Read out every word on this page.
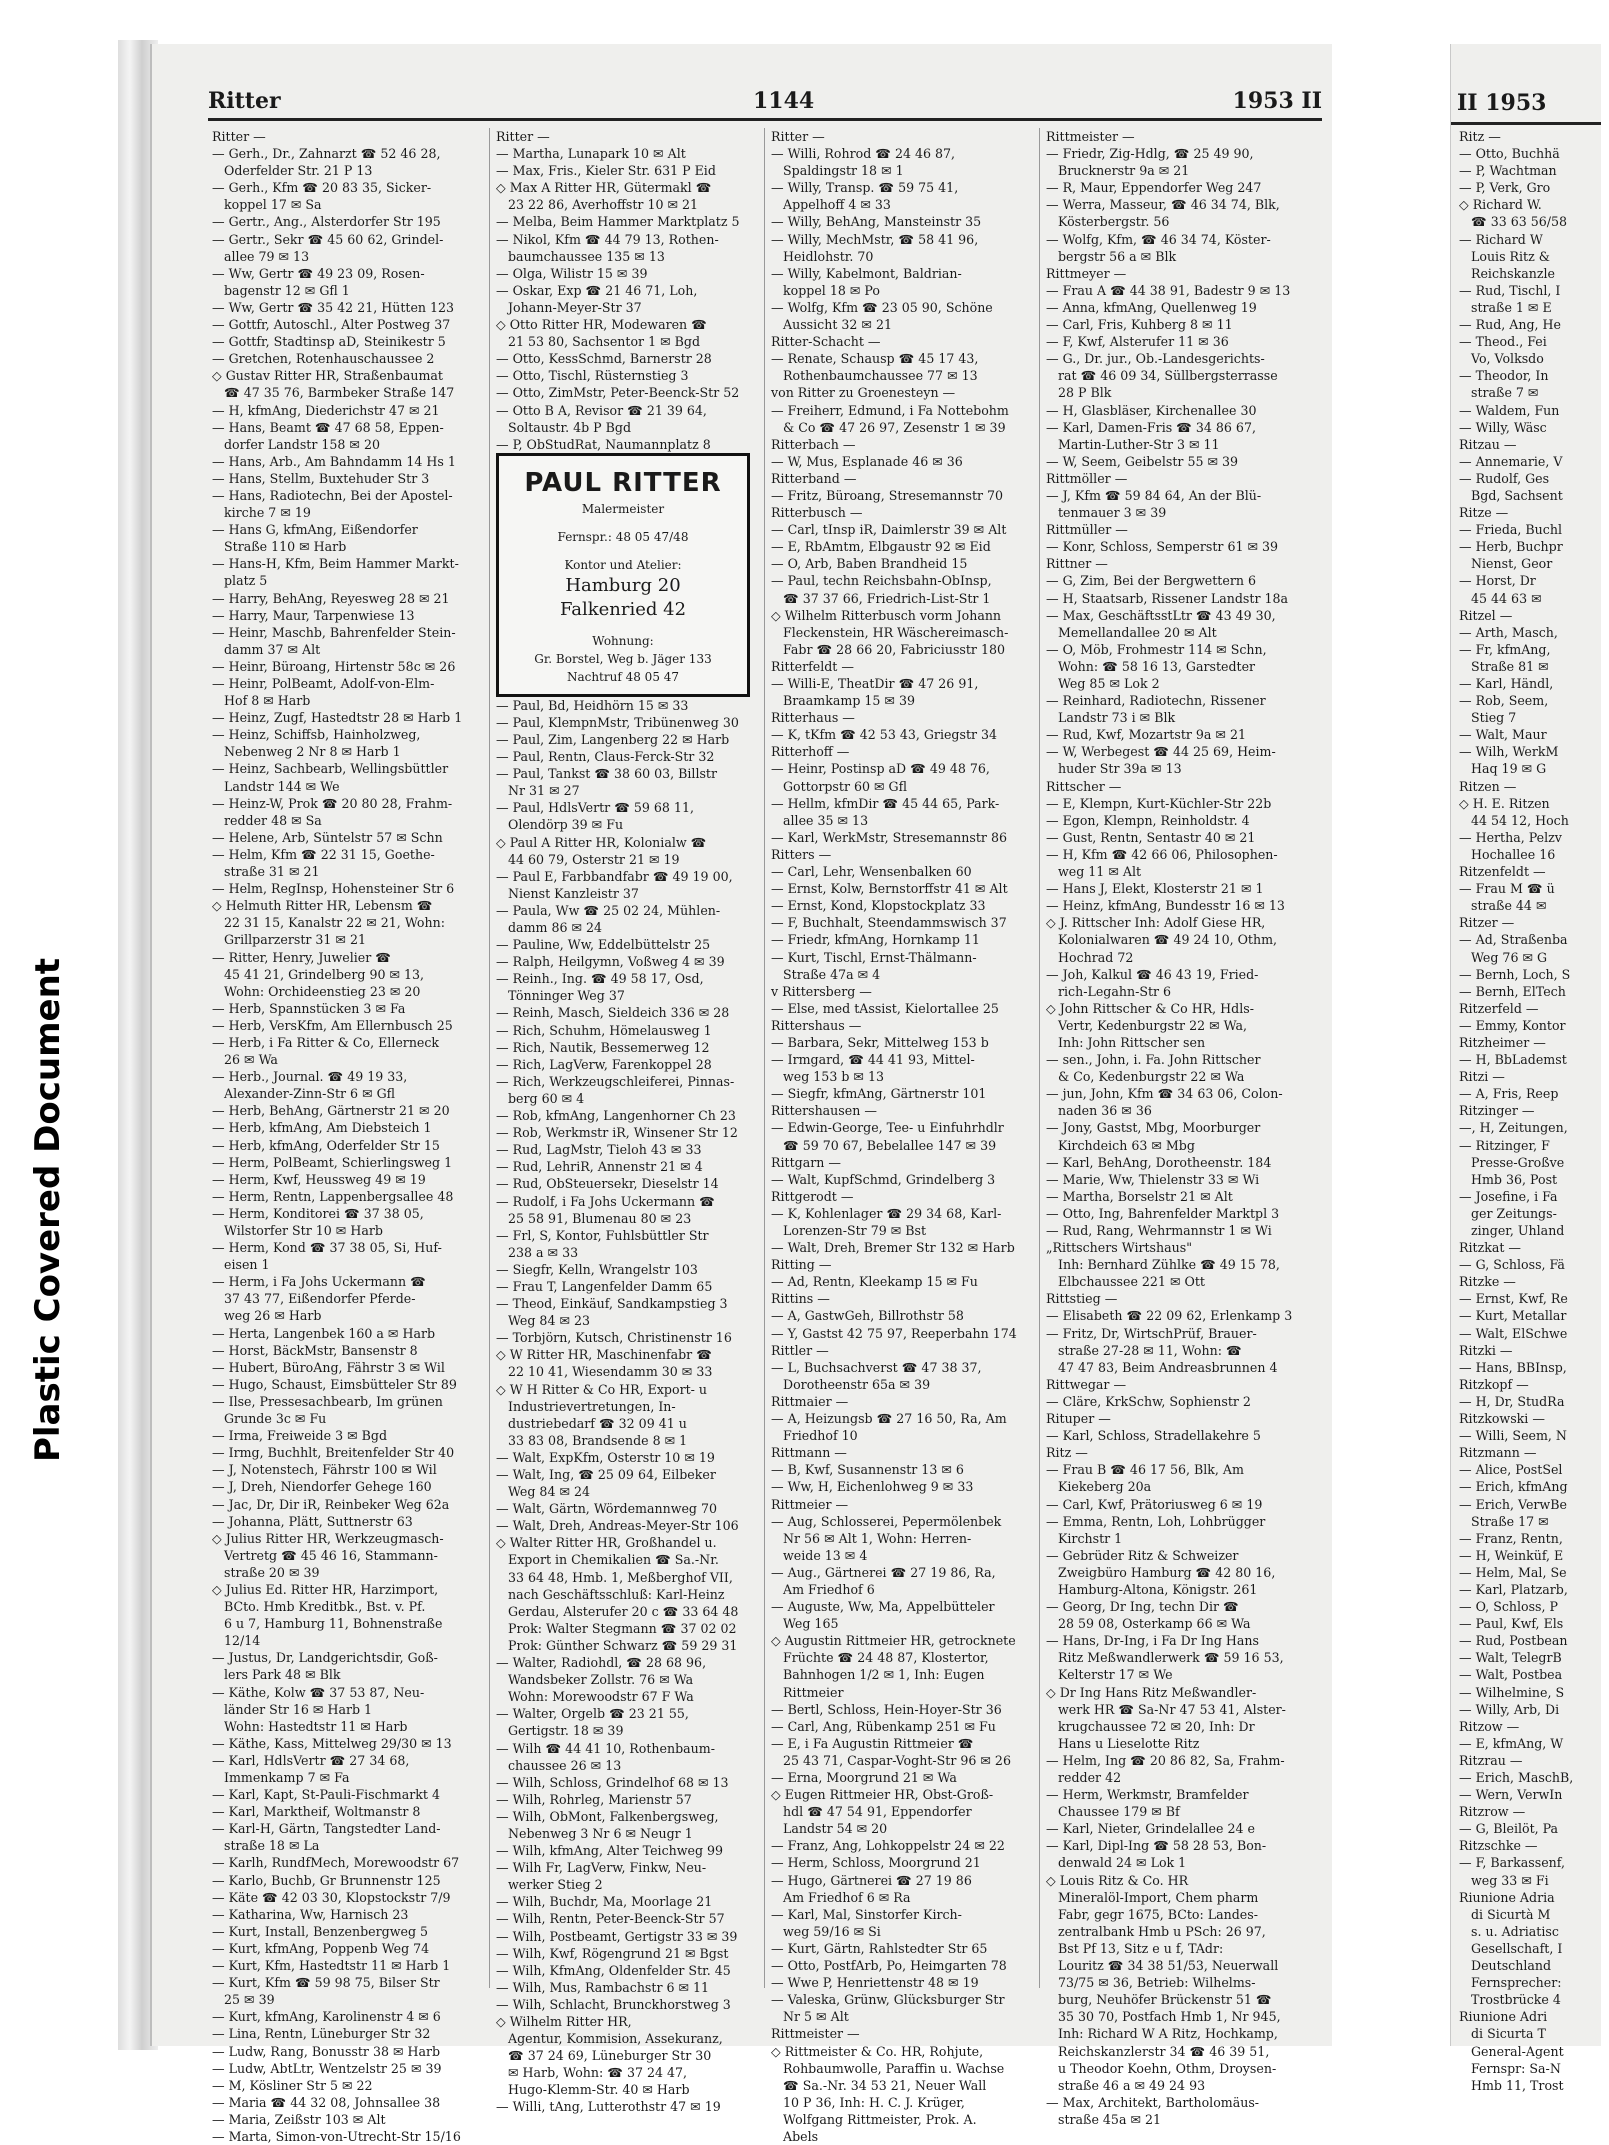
Plastic Covered Document
Ritter	1144	1953 II

Ritter —

— Gerh., Dr., Zahnarzt ☎ 52 46 28,

Oderfelder Str. 21 P 13

— Gerh., Kfm ☎ 20 83 35, Sicker-

koppel 17 ✉ Sa

— Gertr., Ang., Alsterdorfer Str 195

— Gertr., Sekr ☎ 45 60 62, Grindel-

allee 79 ✉ 13

— Ww, Gertr ☎ 49 23 09, Rosen-

bagenstr 12 ✉ Gfl 1

— Ww, Gertr ☎ 35 42 21, Hütten 123

— Gottfr, Autoschl., Alter Postweg 37

— Gottfr, Stadtinsp aD, Steinikestr 5

— Gretchen, Rotenhauschaussee 2

◇ Gustav Ritter HR, Straßenbaumat

☎ 47 35 76, Barmbeker Straße 147

— H, kfmAng, Diederichstr 47 ✉ 21

— Hans, Beamt ☎ 47 68 58, Eppen-

dorfer Landstr 158 ✉ 20

— Hans, Arb., Am Bahndamm 14 Hs 1

— Hans, Stellm, Buxtehuder Str 3

— Hans, Radiotechn, Bei der Apostel-

kirche 7 ✉ 19

— Hans G, kfmAng, Eißendorfer

Straße 110 ✉ Harb

— Hans-H, Kfm, Beim Hammer Markt-

platz 5

— Harry, BehAng, Reyesweg 28 ✉ 21

— Harry, Maur, Tarpenwiese 13

— Heinr, Maschb, Bahrenfelder Stein-

damm 37 ✉ Alt

— Heinr, Büroang, Hirtenstr 58c ✉ 26

— Heinr, PolBeamt, Adolf-von-Elm-

Hof 8 ✉ Harb

— Heinz, Zugf, Hastedtstr 28 ✉ Harb 1

— Heinz, Schiffsb, Hainholzweg,

Nebenweg 2 Nr 8 ✉ Harb 1

— Heinz, Sachbearb, Wellingsbüttler

Landstr 144 ✉ We

— Heinz-W, Prok ☎ 20 80 28, Frahm-

redder 48 ✉ Sa

— Helene, Arb, Süntelstr 57 ✉ Schn

— Helm, Kfm ☎ 22 31 15, Goethe-

straße 31 ✉ 21

— Helm, RegInsp, Hohensteiner Str 6

◇ Helmuth Ritter HR, Lebensm ☎

22 31 15, Kanalstr 22 ✉ 21, Wohn:

Grillparzerstr 31 ✉ 21

— Ritter, Henry, Juwelier ☎

45 41 21, Grindelberg 90 ✉ 13,

Wohn: Orchideenstieg 23 ✉ 20

— Herb, Spannstücken 3 ✉ Fa

— Herb, VersKfm, Am Ellernbusch 25

— Herb, i Fa Ritter & Co, Ellerneck

26 ✉ Wa

— Herb., Journal. ☎ 49 19 33,

Alexander-Zinn-Str 6 ✉ Gfl

— Herb, BehAng, Gärtnerstr 21 ✉ 20

— Herb, kfmAng, Am Diebsteich 1

— Herb, kfmAng, Oderfelder Str 15

— Herm, PolBeamt, Schierlingsweg 1

— Herm, Kwf, Heussweg 49 ✉ 19

— Herm, Rentn, Lappenbergsallee 48

— Herm, Konditorei ☎ 37 38 05,

Wilstorfer Str 10 ✉ Harb

— Herm, Kond ☎ 37 38 05, Si, Huf-

eisen 1

— Herm, i Fa Johs Uckermann ☎

37 43 77, Eißendorfer Pferde-

weg 26 ✉ Harb

— Herta, Langenbek 160 a ✉ Harb

— Horst, BäckMstr, Bansenstr 8

— Hubert, BüroAng, Fährstr 3 ✉ Wil

— Hugo, Schaust, Eimsbütteler Str 89

— Ilse, Pressesachbearb, Im grünen

Grunde 3c ✉ Fu

— Irma, Freiweide 3 ✉ Bgd

— Irmg, Buchhlt, Breitenfelder Str 40

— J, Notenstech, Fährstr 100 ✉ Wil

— J, Dreh, Niendorfer Gehege 160

— Jac, Dr, Dir iR, Reinbeker Weg 62a

— Johanna, Plätt, Suttnerstr 63

◇ Julius Ritter HR, Werkzeugmasch-

Vertretg ☎ 45 46 16, Stammann-

straße 20 ✉ 39

◇ Julius Ed. Ritter HR, Harzimport,

BCto. Hmb Kreditbk., Bst. v. Pf.

6 u 7, Hamburg 11, Bohnenstraße

12/14

— Justus, Dr, Landgerichtsdir, Goß-

lers Park 48 ✉ Blk

— Käthe, Kolw ☎ 37 53 87, Neu-

länder Str 16 ✉ Harb 1

Wohn: Hastedtstr 11 ✉ Harb

— Käthe, Kass, Mittelweg 29/30 ✉ 13

— Karl, HdlsVertr ☎ 27 34 68,

Immenkamp 7 ✉ Fa

— Karl, Kapt, St-Pauli-Fischmarkt 4

— Karl, Marktheif, Woltmanstr 8

— Karl-H, Gärtn, Tangstedter Land-

straße 18 ✉ La

— Karlh, RundfMech, Morewoodstr 67

— Karlo, Buchb, Gr Brunnenstr 125

— Käte ☎ 42 03 30, Klopstockstr 7/9

— Katharina, Ww, Harnisch 23

— Kurt, Install, Benzenbergweg 5

— Kurt, kfmAng, Poppenb Weg 74

— Kurt, Kfm, Hastedtstr 11 ✉ Harb 1

— Kurt, Kfm ☎ 59 98 75, Bilser Str

25 ✉ 39

— Kurt, kfmAng, Karolinenstr 4 ✉ 6

— Lina, Rentn, Lüneburger Str 32

— Ludw, Rang, Bonusstr 38 ✉ Harb

— Ludw, AbtLtr, Wentzelstr 25 ✉ 39

— M, Kösliner Str 5 ✉ 22

— Maria ☎ 44 32 08, Johnsallee 38

— Maria, Zeißstr 103 ✉ Alt

— Marta, Simon-von-Utrecht-Str 15/16

Ritter —

— Martha, Lunapark 10 ✉ Alt

— Max, Fris., Kieler Str. 631 P Eid

◇ Max A Ritter HR, Gütermakl ☎

23 22 86, Averhoffstr 10 ✉ 21

— Melba, Beim Hammer Marktplatz 5

— Nikol, Kfm ☎ 44 79 13, Rothen-

baumchaussee 135 ✉ 13

— Olga, Wilistr 15 ✉ 39

— Oskar, Exp ☎ 21 46 71, Loh,

Johann-Meyer-Str 37

◇ Otto Ritter HR, Modewaren ☎

21 53 80, Sachsentor 1 ✉ Bgd

— Otto, KessSchmd, Barnerstr 28

— Otto, Tischl, Rüsternstieg 3

— Otto, ZimMstr, Peter-Beenck-Str 52

— Otto B A, Revisor ☎ 21 39 64,

Soltaustr. 4b P Bgd

— P, ObStudRat, Naumannplatz 8

PAUL RITTER
Malermeister
Fernspr.: 48 05 47/48
Kontor und Atelier:
Hamburg 20
Falkenried 42
Wohnung:
Gr. Borstel, Weg b. Jäger 133
Nachtruf 48 05 47

— Paul, Bd, Heidhörn 15 ✉ 33

— Paul, KlempnMstr, Tribünenweg 30

— Paul, Zim, Langenberg 22 ✉ Harb

— Paul, Rentn, Claus-Ferck-Str 32

— Paul, Tankst ☎ 38 60 03, Billstr

Nr 31 ✉ 27

— Paul, HdlsVertr ☎ 59 68 11,

Olendörp 39 ✉ Fu

◇ Paul A Ritter HR, Kolonialw ☎

44 60 79, Osterstr 21 ✉ 19

— Paul E, Farbbandfabr ☎ 49 19 00,

Nienst Kanzleistr 37

— Paula, Ww ☎ 25 02 24, Mühlen-

damm 86 ✉ 24

— Pauline, Ww, Eddelbüttelstr 25

— Ralph, Heilgymn, Voßweg 4 ✉ 39

— Reinh., Ing. ☎ 49 58 17, Osd,

Tönninger Weg 37

— Reinh, Masch, Sieldeich 336 ✉ 28

— Rich, Schuhm, Hömelausweg 1

— Rich, Nautik, Bessemerweg 12

— Rich, LagVerw, Farenkoppel 28

— Rich, Werkzeugschleiferei, Pinnas-

berg 60 ✉ 4

— Rob, kfmAng, Langenhorner Ch 23

— Rob, Werkmstr iR, Winsener Str 12

— Rud, LagMstr, Tieloh 43 ✉ 33

— Rud, LehriR, Annenstr 21 ✉ 4

— Rud, ObSteuersekr, Dieselstr 14

— Rudolf, i Fa Johs Uckermann ☎

25 58 91, Blumenau 80 ✉ 23

— Frl, S, Kontor, Fuhlsbüttler Str

238 a ✉ 33

— Siegfr, Kelln, Wrangelstr 103

— Frau T, Langenfelder Damm 65

— Theod, Einkäuf, Sandkampstieg 3

Weg 84 ✉ 23

— Torbjörn, Kutsch, Christinenstr 16

◇ W Ritter HR, Maschinenfabr ☎

22 10 41, Wiesendamm 30 ✉ 33

◇ W H Ritter & Co HR, Export- u

Industrievertretungen, In-

dustriebedarf ☎ 32 09 41 u

33 83 08, Brandsende 8 ✉ 1

— Walt, ExpKfm, Osterstr 10 ✉ 19

— Walt, Ing, ☎ 25 09 64, Eilbeker

Weg 84 ✉ 24

— Walt, Gärtn, Wördemannweg 70

— Walt, Dreh, Andreas-Meyer-Str 106

◇ Walter Ritter HR, Großhandel u.

Export in Chemikalien ☎ Sa.-Nr.

33 64 48, Hmb. 1, Meßberghof VII,

nach Geschäftsschluß: Karl-Heinz

Gerdau, Alsterufer 20 c ☎ 33 64 48

Prok: Walter Stegmann ☎ 37 02 02

Prok: Günther Schwarz ☎ 59 29 31

— Walter, Radiohdl, ☎ 28 68 96,

Wandsbeker Zollstr. 76 ✉ Wa

Wohn: Morewoodstr 67 F Wa

— Walter, Orgelb ☎ 23 21 55,

Gertigstr. 18 ✉ 39

— Wilh ☎ 44 41 10, Rothenbaum-

chaussee 26 ✉ 13

— Wilh, Schloss, Grindelhof 68 ✉ 13

— Wilh, Rohrleg, Marienstr 57

— Wilh, ObMont, Falkenbergsweg,

Nebenweg 3 Nr 6 ✉ Neugr 1

— Wilh, kfmAng, Alter Teichweg 99

— Wilh Fr, LagVerw, Finkw, Neu-

werker Stieg 2

— Wilh, Buchdr, Ma, Moorlage 21

— Wilh, Rentn, Peter-Beenck-Str 57

— Wilh, Postbeamt, Gertigstr 33 ✉ 39

— Wilh, Kwf, Rögengrund 21 ✉ Bgst

— Wilh, KfmAng, Oldenfelder Str. 45

— Wilh, Mus, Rambachstr 6 ✉ 11

— Wilh, Schlacht, Brunckhorstweg 3

◇ Wilhelm Ritter HR,

Agentur, Kommision, Assekuranz,

☎ 37 24 69, Lüneburger Str 30

✉ Harb, Wohn: ☎ 37 24 47,

Hugo-Klemm-Str. 40 ✉ Harb

— Willi, tAng, Lutterothstr 47 ✉ 19

Ritter —

— Willi, Rohrod ☎ 24 46 87,

Spaldingstr 18 ✉ 1

— Willy, Transp. ☎ 59 75 41,

Appelhoff 4 ✉ 33

— Willy, BehAng, Mansteinstr 35

— Willy, MechMstr, ☎ 58 41 96,

Heidlohstr. 70

— Willy, Kabelmont, Baldrian-

koppel 18 ✉ Po

— Wolfg, Kfm ☎ 23 05 90, Schöne

Aussicht 32 ✉ 21

Ritter-Schacht —

— Renate, Schausp ☎ 45 17 43,

Rothenbaumchaussee 77 ✉ 13

von Ritter zu Groenesteyn —

— Freiherr, Edmund, i Fa Nottebohm

& Co ☎ 47 26 97, Zesenstr 1 ✉ 39

Ritterbach —

— W, Mus, Esplanade 46 ✉ 36

Ritterband —

— Fritz, Büroang, Stresemannstr 70

Ritterbusch —

— Carl, tInsp iR, Daimlerstr 39 ✉ Alt

— E, RbAmtm, Elbgaustr 92 ✉ Eid

— O, Arb, Baben Brandheid 15

— Paul, techn Reichsbahn-ObInsp,

☎ 37 37 66, Friedrich-List-Str 1

◇ Wilhelm Ritterbusch vorm Johann

Fleckenstein, HR Wäschereimasch-

Fabr ☎ 28 66 20, Fabriciusstr 180

Ritterfeldt —

— Willi-E, TheatDir ☎ 47 26 91,

Braamkamp 15 ✉ 39

Ritterhaus —

— K, tKfm ☎ 42 53 43, Griegstr 34

Ritterhoff —

— Heinr, Postinsp aD ☎ 49 48 76,

Gottorpstr 60 ✉ Gfl

— Hellm, kfmDir ☎ 45 44 65, Park-

allee 35 ✉ 13

— Karl, WerkMstr, Stresemannstr 86

Ritters —

— Carl, Lehr, Wensenbalken 60

— Ernst, Kolw, Bernstorffstr 41 ✉ Alt

— Ernst, Kond, Klopstockplatz 33

— F, Buchhalt, Steendammswisch 37

— Friedr, kfmAng, Hornkamp 11

— Kurt, Tischl, Ernst-Thälmann-

Straße 47a ✉ 4

v Rittersberg —

— Else, med tAssist, Kielortallee 25

Rittershaus —

— Barbara, Sekr, Mittelweg 153 b

— Irmgard, ☎ 44 41 93, Mittel-

weg 153 b ✉ 13

— Siegfr, kfmAng, Gärtnerstr 101

Rittershausen —

— Edwin-George, Tee- u Einfuhrhdlr

☎ 59 70 67, Bebelallee 147 ✉ 39

Rittgarn —

— Walt, KupfSchmd, Grindelberg 3

Rittgerodt —

— K, Kohlenlager ☎ 29 34 68, Karl-

Lorenzen-Str 79 ✉ Bst

— Walt, Dreh, Bremer Str 132 ✉ Harb

Ritting —

— Ad, Rentn, Kleekamp 15 ✉ Fu

Rittins —

— A, GastwGeh, Billrothstr 58

— Y, Gastst 42 75 97, Reeperbahn 174

Rittler —

— L, Buchsachverst ☎ 47 38 37,

Dorotheenstr 65a ✉ 39

Rittmaier —

— A, Heizungsb ☎ 27 16 50, Ra, Am

Friedhof 10

Rittmann —

— B, Kwf, Susannenstr 13 ✉ 6

— Ww, H, Eichenlohweg 9 ✉ 33

Rittmeier —

— Aug, Schlosserei, Pepermölenbek

Nr 56 ✉ Alt 1, Wohn: Herren-

weide 13 ✉ 4

— Aug., Gärtnerei ☎ 27 19 86, Ra,

Am Friedhof 6

— Auguste, Ww, Ma, Appelbütteler

Weg 165

◇ Augustin Rittmeier HR, getrocknete

Früchte ☎ 24 48 87, Klostertor,

Bahnhogen 1/2 ✉ 1, Inh: Eugen

Rittmeier

— Bertl, Schloss, Hein-Hoyer-Str 36

— Carl, Ang, Rübenkamp 251 ✉ Fu

— E, i Fa Augustin Rittmeier ☎

25 43 71, Caspar-Voght-Str 96 ✉ 26

— Erna, Moorgrund 21 ✉ Wa

◇ Eugen Rittmeier HR, Obst-Groß-

hdl ☎ 47 54 91, Eppendorfer

Landstr 54 ✉ 20

— Franz, Ang, Lohkoppelstr 24 ✉ 22

— Herm, Schloss, Moorgrund 21

— Hugo, Gärtnerei ☎ 27 19 86

Am Friedhof 6 ✉ Ra

— Karl, Mal, Sinstorfer Kirch-

weg 59/16 ✉ Si

— Kurt, Gärtn, Rahlstedter Str 65

— Otto, PostfArb, Po, Heimgarten 78

— Wwe P, Henriettenstr 48 ✉ 19

— Valeska, Grünw, Glücksburger Str

Nr 5 ✉ Alt

Rittmeister —

◇ Rittmeister & Co. HR, Rohjute,

Rohbaumwolle, Paraffin u. Wachse

☎ Sa.-Nr. 34 53 21, Neuer Wall

10 P 36, Inh: H. C. J. Krüger,

Wolfgang Rittmeister, Prok. A.

Abels

Rittmeister —

— Friedr, Zig-Hdlg, ☎ 25 49 90,

Brucknerstr 9a ✉ 21

— R, Maur, Eppendorfer Weg 247

— Werra, Masseur, ☎ 46 34 74, Blk,

Kösterbergstr. 56

— Wolfg, Kfm, ☎ 46 34 74, Köster-

bergstr 56 a ✉ Blk

Rittmeyer —

— Frau A ☎ 44 38 91, Badestr 9 ✉ 13

— Anna, kfmAng, Quellenweg 19

— Carl, Fris, Kuhberg 8 ✉ 11

— F, Kwf, Alsterufer 11 ✉ 36

— G., Dr. jur., Ob.-Landesgerichts-

rat ☎ 46 09 34, Süllbergsterrasse

28 P Blk

— H, Glasbläser, Kirchenallee 30

— Karl, Damen-Fris ☎ 34 86 67,

Martin-Luther-Str 3 ✉ 11

— W, Seem, Geibelstr 55 ✉ 39

Rittmöller —

— J, Kfm ☎ 59 84 64, An der Blü-

tenmauer 3 ✉ 39

Rittmüller —

— Konr, Schloss, Semperstr 61 ✉ 39

Rittner —

— G, Zim, Bei der Bergwettern 6

— H, Staatsarb, Rissener Landstr 18a

— Max, GeschäftsstLtr ☎ 43 49 30,

Memellandallee 20 ✉ Alt

— O, Möb, Frohmestr 114 ✉ Schn,

Wohn: ☎ 58 16 13, Garstedter

Weg 85 ✉ Lok 2

— Reinhard, Radiotechn, Rissener

Landstr 73 i ✉ Blk

— Rud, Kwf, Mozartstr 9a ✉ 21

— W, Werbegest ☎ 44 25 69, Heim-

huder Str 39a ✉ 13

Rittscher —

— E, Klempn, Kurt-Küchler-Str 22b

— Egon, Klempn, Reinholdstr. 4

— Gust, Rentn, Sentastr 40 ✉ 21

— H, Kfm ☎ 42 66 06, Philosophen-

weg 11 ✉ Alt

— Hans J, Elekt, Klosterstr 21 ✉ 1

— Heinz, kfmAng, Bundesstr 16 ✉ 13

◇ J. Rittscher Inh: Adolf Giese HR,

Kolonialwaren ☎ 49 24 10, Othm,

Hochrad 72

— Joh, Kalkul ☎ 46 43 19, Fried-

rich-Legahn-Str 6

◇ John Rittscher & Co HR, Hdls-

Vertr, Kedenburgstr 22 ✉ Wa,

Inh: John Rittscher sen

— sen., John, i. Fa. John Rittscher

& Co, Kedenburgstr 22 ✉ Wa

— jun, John, Kfm ☎ 34 63 06, Colon-

naden 36 ✉ 36

— Jony, Gastst, Mbg, Moorburger

Kirchdeich 63 ✉ Mbg

— Karl, BehAng, Dorotheenstr. 184

— Marie, Ww, Thielenstr 33 ✉ Wi

— Martha, Borselstr 21 ✉ Alt

— Otto, Ing, Bahrenfelder Marktpl 3

— Rud, Rang, Wehrmannstr 1 ✉ Wi

„Rittschers Wirtshaus"

Inh: Bernhard Zühlke ☎ 49 15 78,

Elbchaussee 221 ✉ Ott

Rittstieg —

— Elisabeth ☎ 22 09 62, Erlenkamp 3

— Fritz, Dr, WirtschPrüf, Brauer-

straße 27-28 ✉ 11, Wohn: ☎

47 47 83, Beim Andreasbrunnen 4

Rittwegar —

— Cläre, KrkSchw, Sophienstr 2

Rituper —

— Karl, Schloss, Stradellakehre 5

Ritz —

— Frau B ☎ 46 17 56, Blk, Am

Kiekeberg 20a

— Carl, Kwf, Prätoriusweg 6 ✉ 19

— Emma, Rentn, Loh, Lohbrügger

Kirchstr 1

— Gebrüder Ritz & Schweizer

Zweigbüro Hamburg ☎ 42 80 16,

Hamburg-Altona, Königstr. 261

— Georg, Dr Ing, techn Dir ☎

28 59 08, Osterkamp 66 ✉ Wa

— Hans, Dr-Ing, i Fa Dr Ing Hans

Ritz Meßwandlerwerk ☎ 59 16 53,

Kelterstr 17 ✉ We

◇ Dr Ing Hans Ritz Meßwandler-

werk HR ☎ Sa-Nr 47 53 41, Alster-

krugchaussee 72 ✉ 20, Inh: Dr

Hans u Lieselotte Ritz

— Helm, Ing ☎ 20 86 82, Sa, Frahm-

redder 42

— Herm, Werkmstr, Bramfelder

Chaussee 179 ✉ Bf

— Karl, Nieter, Grindelallee 24 e

— Karl, Dipl-Ing ☎ 58 28 53, Bon-

denwald 24 ✉ Lok 1

◇ Louis Ritz & Co. HR

Mineralöl-Import, Chem pharm

Fabr, gegr 1675, BCto: Landes-

zentralbank Hmb u PSch: 26 97,

Bst Pf 13, Sitz e u f, TAdr:

Louritz ☎ 34 38 51/53, Neuerwall

73/75 ✉ 36, Betrieb: Wilhelms-

burg, Neuhöfer Brückenstr 51 ☎

35 30 70, Postfach Hmb 1, Nr 945,

Inh: Richard W A Ritz, Hochkamp,

Reichskanzlerstr 34 ☎ 46 39 51,

u Theodor Koehn, Othm, Droysen-

straße 46 a ✉ 49 24 93

— Max, Architekt, Bartholomäus-

straße 45a ✉ 21

II 1953

Ritz —

— Otto, Buchhä

— P, Wachtman

— P, Verk, Gro

◇ Richard W.

☎ 33 63 56/58

— Richard W

Louis Ritz &

Reichskanzle

— Rud, Tischl, I

straße 1 ✉ E

— Rud, Ang, He

— Theod., Fei

Vo, Volksdo

— Theodor, In

straße 7 ✉

— Waldem, Fun

— Willy, Wäsc

Ritzau —

— Annemarie, V

— Rudolf, Ges

Bgd, Sachsent

Ritze —

— Frieda, Buchl

— Herb, Buchpr

Nienst, Geor

— Horst, Dr

45 44 63 ✉

Ritzel —

— Arth, Masch,

— Fr, kfmAng,

Straße 81 ✉

— Karl, Händl,

— Rob, Seem,

Stieg 7

— Walt, Maur

— Wilh, WerkM

Haq 19 ✉ G

Ritzen —

◇ H. E. Ritzen

44 54 12, Hoch

— Hertha, Pelzv

Hochallee 16

Ritzenfeldt —

— Frau M ☎ ü

straße 44 ✉

Ritzer —

— Ad, Straßenba

Weg 76 ✉ G

— Bernh, Loch, S

— Bernh, ElTech

Ritzerfeld —

— Emmy, Kontor

Ritzheimer —

— H, BbLademst

Ritzi —

— A, Fris, Reep

Ritzinger —

—, H, Zeitungen,

— Ritzinger, F

Presse-Großve

Hmb 36, Post

— Josefine, i Fa

ger Zeitungs-

zinger, Uhland

Ritzkat —

— G, Schloss, Fä

Ritzke —

— Ernst, Kwf, Re

— Kurt, Metallar

— Walt, ElSchwe

Ritzki —

— Hans, BBInsp,

Ritzkopf —

— H, Dr, StudRa

Ritzkowski —

— Willi, Seem, N

Ritzmann —

— Alice, PostSel

— Erich, kfmAng

— Erich, VerwBe

Straße 17 ✉

— Franz, Rentn,

— H, Weinküf, E

— Helm, Mal, Se

— Karl, Platzarb,

— O, Schloss, P

— Paul, Kwf, Els

— Rud, Postbean

— Walt, TelegrB

— Walt, Postbea

— Wilhelmine, S

— Willy, Arb, Di

Ritzow —

— E, kfmAng, W

Ritzrau —

— Erich, MaschB,

— Wern, VerwIn

Ritzrow —

— G, Bleilöt, Pa

Ritzschke —

— F, Barkassenf,

weg 33 ✉ Fi

Riunione Adria

di Sicurtà M

s. u. Adriatisc

Gesellschaft, I

Deutschland

Fernsprecher:

Trostbrücke 4

Riunione Adri

di Sicurta T

General-Agent

Fernspr: Sa-N

Hmb 11, Trost
